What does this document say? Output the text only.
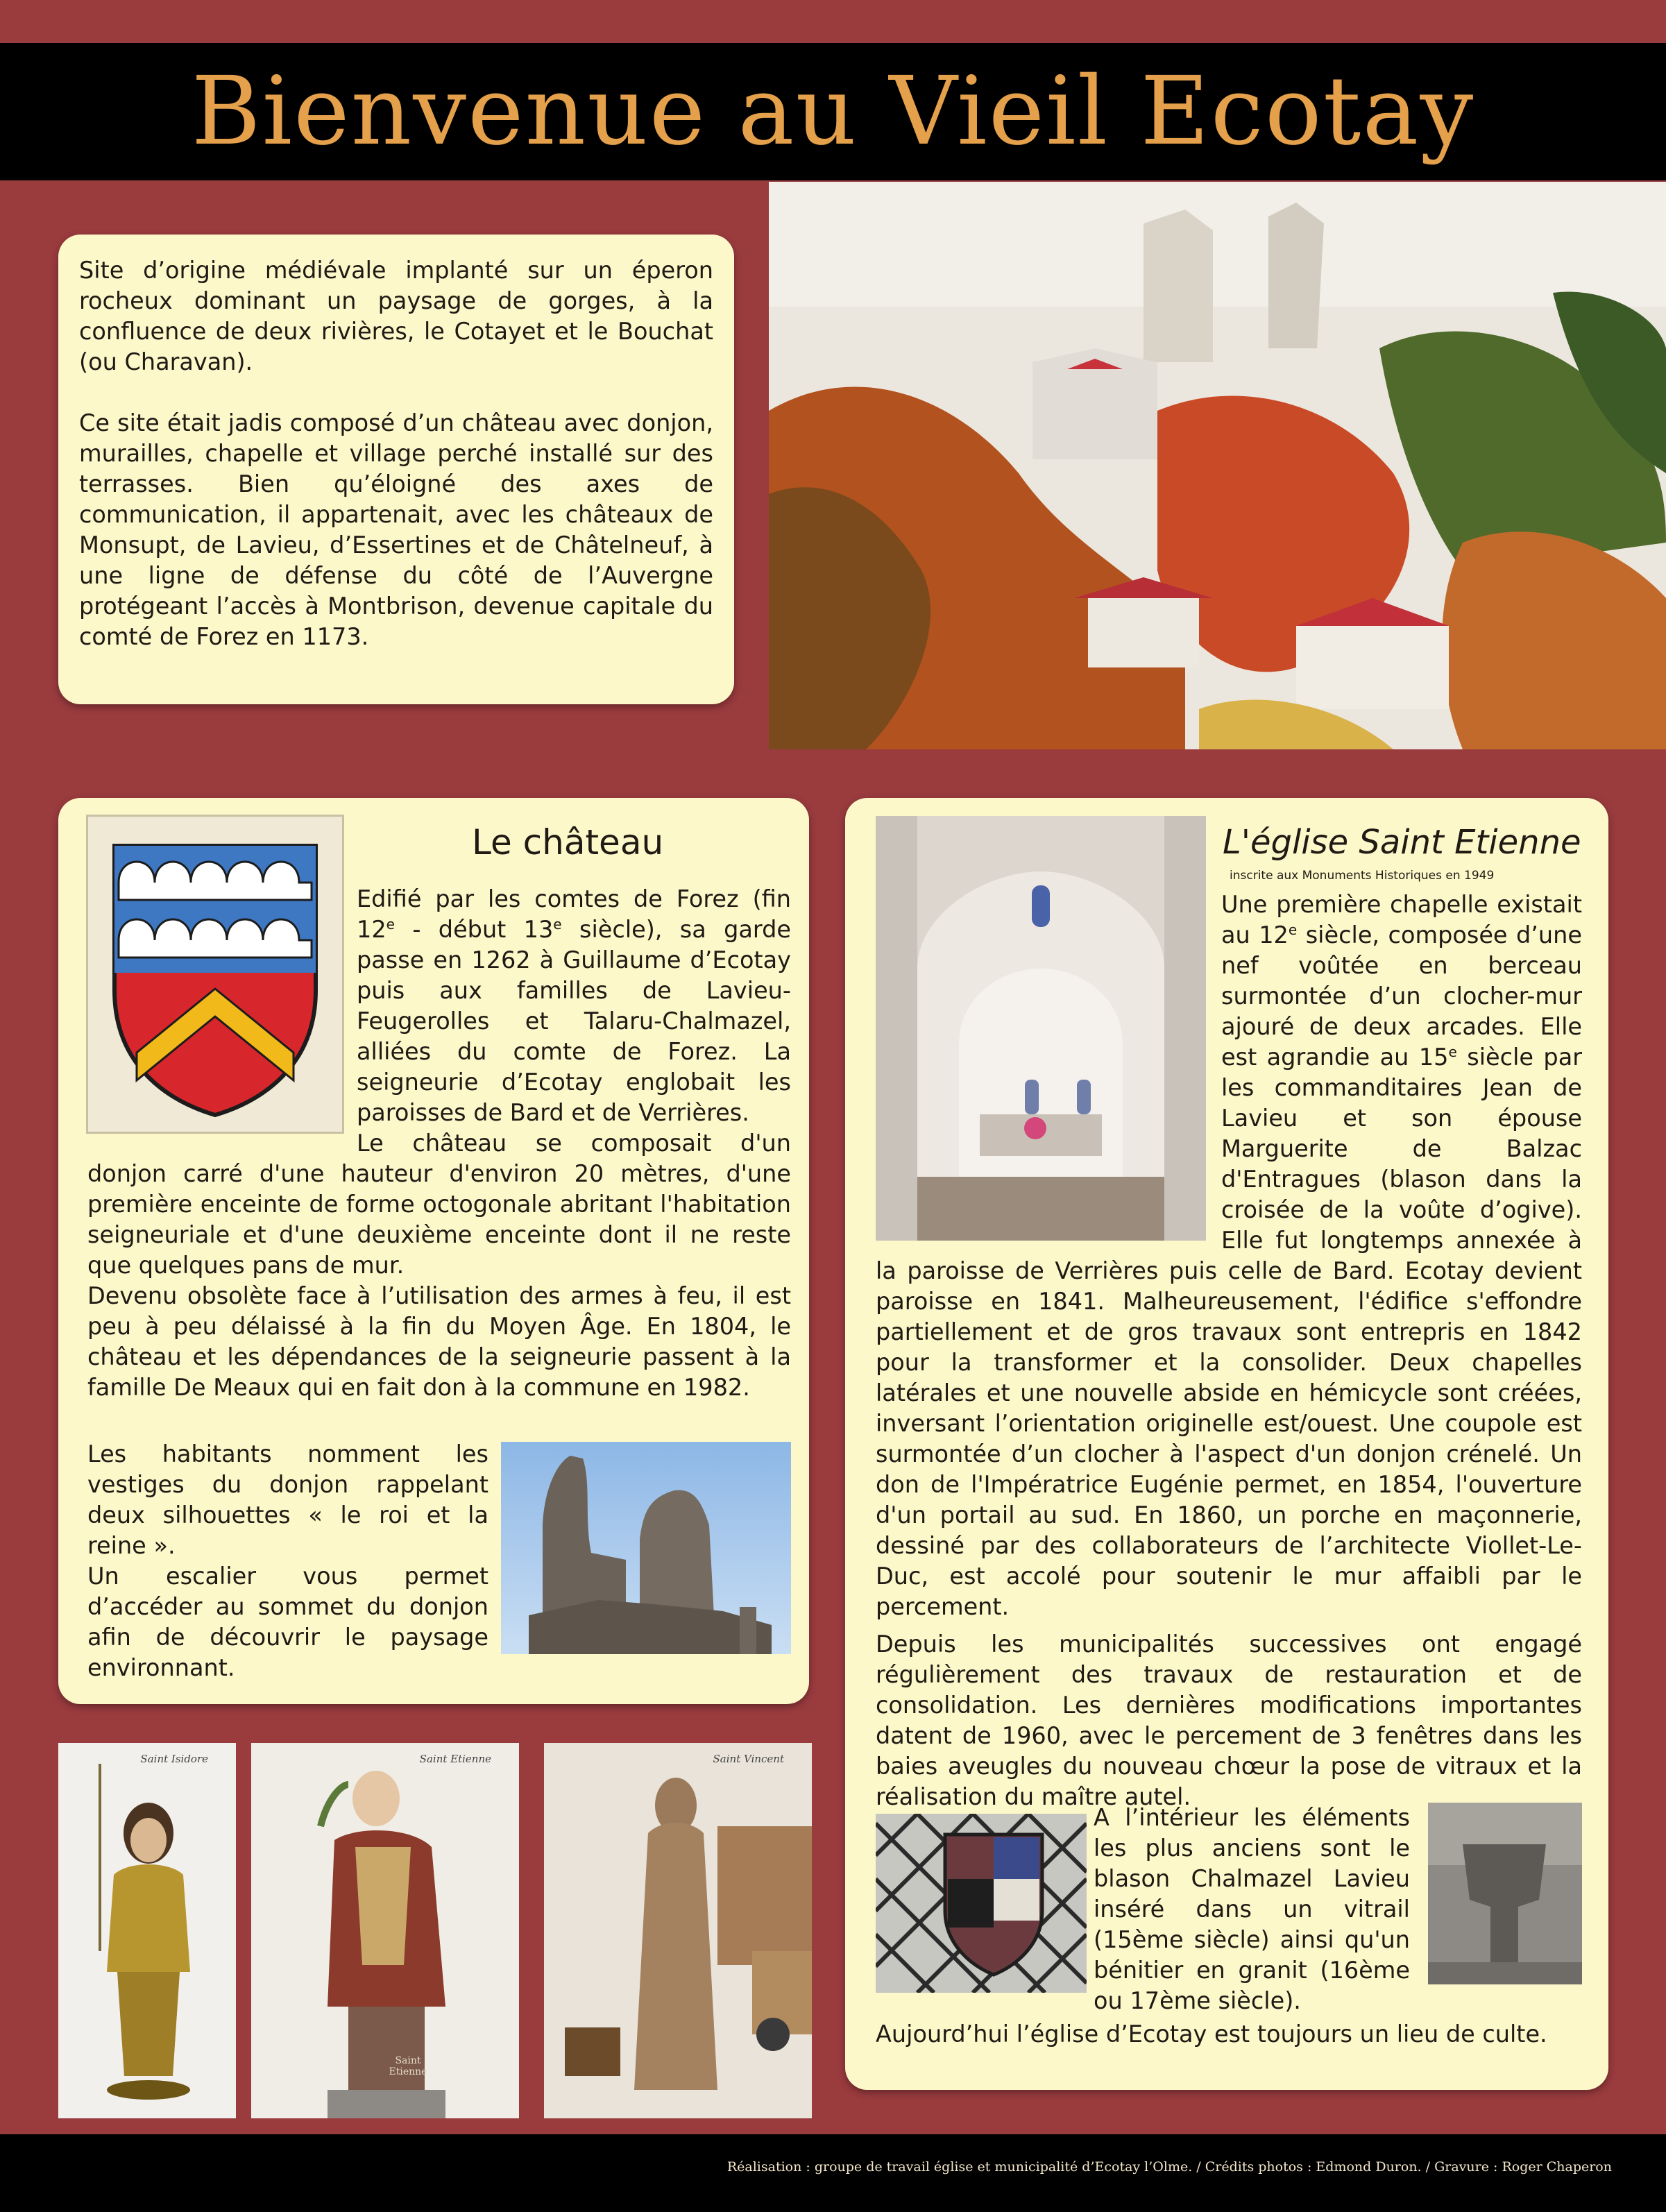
Bienvenue au Vieil Ecotay

Site d’origine médiévale implanté sur un éperon rocheux dominant un paysage de gorges, à la confluence de deux rivières, le Cotayet et le Bouchat (ou Charavan).

Ce site était jadis composé d’un château avec donjon, murailles, chapelle et village perché installé sur des terrasses. Bien qu’éloigné des axes de communication, il appartenait, avec les châteaux de Monsupt, de Lavieu, d’Essertines et de Châtelneuf, à une ligne de défense du côté de l’Auvergne protégeant l’accès à Montbrison, devenue capitale du comté de Forez en 1173.

Le château

Edifié par les comtes de Forez (fin 12e - début 13e siècle), sa garde passe en 1262 à Guillaume d’Ecotay puis aux familles de Lavieu- Feugerolles et Talaru-Chalmazel, alliées du comte de Forez. La seigneurie d’Ecotay englobait les paroisses de Bard et de Verrières.

Le château se composait d'un donjon carré d'une hauteur d'environ 20 mètres, d'une première enceinte de forme octogonale abritant l'habitation seigneuriale et d'une deuxième enceinte dont il ne reste que quelques pans de mur.

Devenu obsolète face à l’utilisation des armes à feu, il est peu à peu délaissé à la fin du Moyen Âge. En 1804, le château et les dépendances de la seigneurie passent à la famille De Meaux qui en fait don à la commune en 1982.

Les habitants nomment les vestiges du donjon rappelant deux silhouettes « le roi et la reine ».

Un escalier vous permet d’accéder au sommet du donjon afin de découvrir le paysage environnant.

Saint Isidore	Saint Etienne
Saint Etienne
Saint Vincent
L'église Saint Etienne
inscrite aux Monuments Historiques en 1949

Une première chapelle existait au 12e siècle, composée d’une nef voûtée en berceau surmontée d’un clocher-mur ajouré de deux arcades. Elle est agrandie au 15e siècle par les commanditaires Jean de Lavieu et son épouse Marguerite de Balzac d'Entragues (blason dans la croisée de la voûte d’ogive). Elle fut longtemps annexée à la paroisse de Verrières puis celle de Bard. Ecotay devient paroisse en 1841. Malheureusement, l'édifice s'effondre partiellement et de gros travaux sont entrepris en 1842 pour la transformer et la consolider. Deux chapelles latérales et une nouvelle abside en hémicycle sont créées, inversant l’orientation originelle est/ouest. Une coupole est surmontée d’un clocher à l'aspect d'un donjon crénelé. Un don de l'Impératrice Eugénie permet, en 1854, l'ouverture d'un portail au sud. En 1860, un porche en maçonnerie, dessiné par des collaborateurs de l’architecte Viollet-Le-Duc, est accolé pour soutenir le mur affaibli par le percement.

Depuis les municipalités successives ont engagé régulièrement des travaux de restauration et de consolidation. Les dernières modifications importantes datent de 1960, avec le percement de 3 fenêtres dans les baies aveugles du nouveau chœur la pose de vitraux et la réalisation du maître autel.

A l’intérieur les éléments les plus anciens sont le blason Chalmazel Lavieu inséré dans un vitrail (15ème siècle) ainsi qu'un bénitier en granit (16ème ou 17ème siècle).

Aujourd’hui l’église d’Ecotay est toujours un lieu de culte.

Réalisation : groupe de travail église et municipalité d’Ecotay l’Olme. / Crédits photos : Edmond Duron. / Gravure : Roger Chaperon
